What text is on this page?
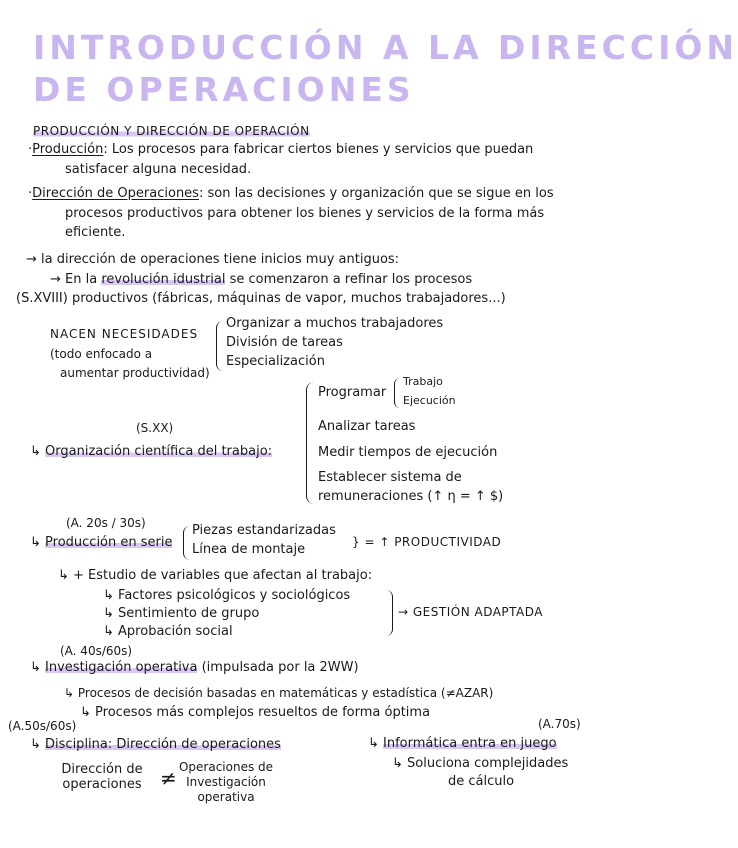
INTRODUCCIÓN A LA DIRECCIÓN
DE OPERACIONES
PRODUCCIÓN Y DIRECCIÓN DE OPERACIÓN
·Producción: Los procesos para fabricar ciertos bienes y servicios que puedan
satisfacer alguna necesidad.
·Dirección de Operaciones: son las decisiones y organización que se sigue en los
procesos productivos para obtener los bienes y servicios de la forma más
eficiente.
→ la dirección de operaciones tiene inicios muy antiguos:
→ En la revolución idustrial se comenzaron a refinar los procesos
(S.XVIII) productivos (fábricas, máquinas de vapor, muchos trabajadores...)
NACEN NECESIDADES
(todo enfocado a
aumentar productividad)
Organizar a muchos trabajadores
División de tareas
Especialización
Programar
Trabajo
Ejecución
Analizar tareas
Medir tiempos de ejecución
Establecer sistema de
remuneraciones (↑ η = ↑ $)
(S.XX)
↳ Organización científica del trabajo:
(A. 20s / 30s)
↳ Producción en serie
Piezas estandarizadas
Línea de montaje	} = ↑ PRODUCTIVIDAD
↳ + Estudio de variables que afectan al trabajo:
↳ Factores psicológicos y sociológicos
↳ Sentimiento de grupo
↳ Aprobación social
→ GESTIÓN ADAPTADA
(A. 40s/60s)
↳ Investigación operativa (impulsada por la 2WW)
↳ Procesos de decisión basadas en matemáticas y estadística (≠AZAR)
↳ Procesos más complejos resueltos de forma óptima
(A.50s/60s)
↳ Disciplina: Dirección de operaciones
Dirección de
operaciones ≠ Operaciones de
Investigación
operativa
(A.70s)
↳ Informática entra en juego
↳ Soluciona complejidades
de cálculo
